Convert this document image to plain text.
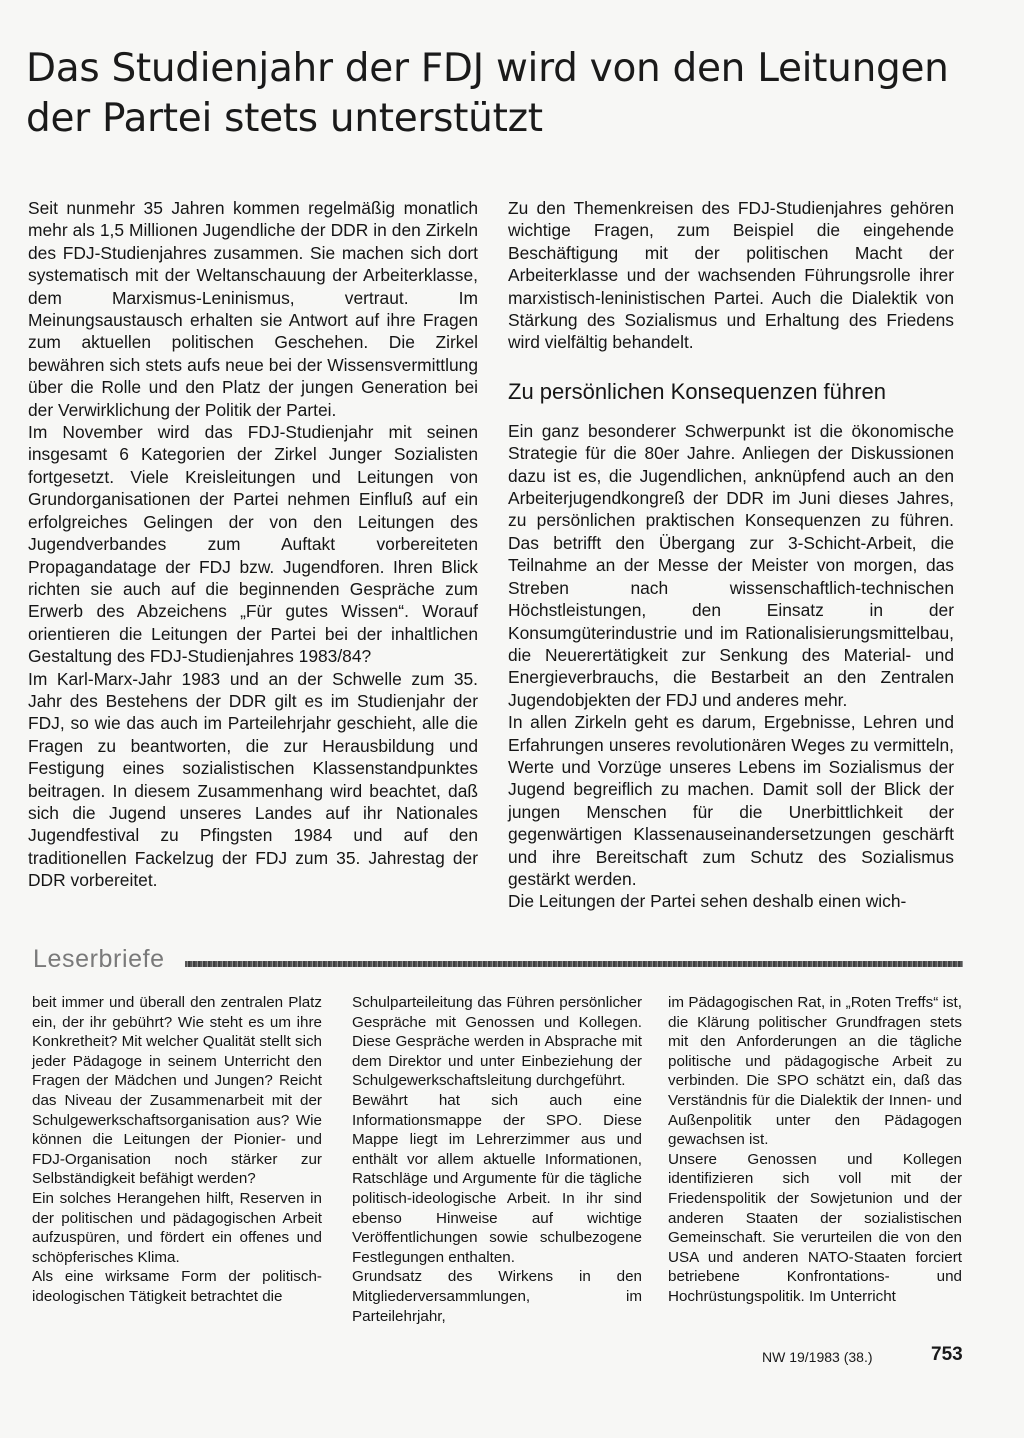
Das Studienjahr der FDJ wird von den Leitungen der Partei stets unterstützt

Seit nunmehr 35 Jahren kommen regelmäßig monatlich mehr als 1,5 Millionen Jugendliche der DDR in den Zirkeln des FDJ-Studienjahres zusammen. Sie machen sich dort systematisch mit der Weltanschauung der Arbeiterklasse, dem Marxismus-Leninismus, vertraut. Im Meinungsaustausch erhalten sie Antwort auf ihre Fragen zum aktuellen politischen Geschehen. Die Zirkel bewähren sich stets aufs neue bei der Wissensvermittlung über die Rolle und den Platz der jungen Generation bei der Verwirklichung der Politik der Partei.

Im November wird das FDJ-Studienjahr mit seinen insgesamt 6 Kategorien der Zirkel Junger Sozialisten fortgesetzt. Viele Kreisleitungen und Leitungen von Grundorganisationen der Partei nehmen Einfluß auf ein erfolgreiches Gelingen der von den Leitungen des Jugendverbandes zum Auftakt vorbereiteten Propagandatage der FDJ bzw. Jugendforen. Ihren Blick richten sie auch auf die beginnenden Gespräche zum Erwerb des Abzeichens „Für gutes Wissen“. Worauf orientieren die Leitungen der Partei bei der inhaltlichen Gestaltung des FDJ-Studienjahres 1983/84?

Im Karl-Marx-Jahr 1983 und an der Schwelle zum 35. Jahr des Bestehens der DDR gilt es im Studienjahr der FDJ, so wie das auch im Parteilehrjahr geschieht, alle die Fragen zu beantworten, die zur Herausbildung und Festigung eines sozialistischen Klassenstandpunktes beitragen. In diesem Zusammenhang wird beachtet, daß sich die Jugend unseres Landes auf ihr Nationales Jugendfestival zu Pfingsten 1984 und auf den traditionellen Fackelzug der FDJ zum 35. Jahrestag der DDR vorbereitet.

Zu den Themenkreisen des FDJ-Studienjahres gehören wichtige Fragen, zum Beispiel die eingehende Beschäftigung mit der politischen Macht der Arbeiterklasse und der wachsenden Führungsrolle ihrer marxistisch-leninistischen Partei. Auch die Dialektik von Stärkung des Sozialismus und Erhaltung des Friedens wird vielfältig behandelt.

Zu persönlichen Konsequenzen führen

Ein ganz besonderer Schwerpunkt ist die ökonomische Strategie für die 80er Jahre. Anliegen der Diskussionen dazu ist es, die Jugendlichen, anknüpfend auch an den Arbeiterjugendkongreß der DDR im Juni dieses Jahres, zu persönlichen praktischen Konsequenzen zu führen. Das betrifft den Übergang zur 3-Schicht-Arbeit, die Teilnahme an der Messe der Meister von morgen, das Streben nach wissenschaftlich-technischen Höchstleistungen, den Einsatz in der Konsumgüterindustrie und im Rationalisierungsmittelbau, die Neuerertätigkeit zur Senkung des Material- und Energieverbrauchs, die Bestarbeit an den Zentralen Jugendobjekten der FDJ und anderes mehr.

In allen Zirkeln geht es darum, Ergebnisse, Lehren und Erfahrungen unseres revolutionären Weges zu vermitteln, Werte und Vorzüge unseres Lebens im Sozialismus der Jugend begreiflich zu machen. Damit soll der Blick der jungen Menschen für die Unerbittlichkeit der gegenwärtigen Klassenauseinandersetzungen geschärft und ihre Bereitschaft zum Schutz des Sozialismus gestärkt werden.

Die Leitungen der Partei sehen deshalb einen wich-

Leserbriefe

beit immer und überall den zentralen Platz ein, der ihr gebührt? Wie steht es um ihre Konkretheit? Mit welcher Qualität stellt sich jeder Pädagoge in seinem Unterricht den Fragen der Mädchen und Jungen? Reicht das Niveau der Zusammenarbeit mit der Schulgewerkschaftsorganisation aus? Wie können die Leitungen der Pionier- und FDJ-Organisation noch stärker zur Selbständigkeit befähigt werden?

Ein solches Herangehen hilft, Reserven in der politischen und pädagogischen Arbeit aufzuspüren, und fördert ein offenes und schöpferisches Klima.

Als eine wirksame Form der politisch-ideologischen Tätigkeit betrachtet die

Schulparteileitung das Führen persönlicher Gespräche mit Genossen und Kollegen. Diese Gespräche werden in Absprache mit dem Direktor und unter Einbeziehung der Schulgewerkschaftsleitung durchgeführt.

Bewährt hat sich auch eine Informationsmappe der SPO. Diese Mappe liegt im Lehrerzimmer aus und enthält vor allem aktuelle Informationen, Ratschläge und Argumente für die tägliche politisch-ideologische Arbeit. In ihr sind ebenso Hinweise auf wichtige Veröffentlichungen sowie schulbezogene Festlegungen enthalten.

Grundsatz des Wirkens in den Mitgliederversammlungen, im Parteilehrjahr,

im Pädagogischen Rat, in „Roten Treffs“ ist, die Klärung politischer Grundfragen stets mit den Anforderungen an die tägliche politische und pädagogische Arbeit zu verbinden. Die SPO schätzt ein, daß das Verständnis für die Dialektik der Innen- und Außenpolitik unter den Pädagogen gewachsen ist.

Unsere Genossen und Kollegen identifizieren sich voll mit der Friedenspolitik der Sowjetunion und der anderen Staaten der sozialistischen Gemeinschaft. Sie verurteilen die von den USA und anderen NATO-Staaten forciert betriebene Konfrontations- und Hochrüstungspolitik. Im Unterricht

NW 19/1983 (38.)	753
